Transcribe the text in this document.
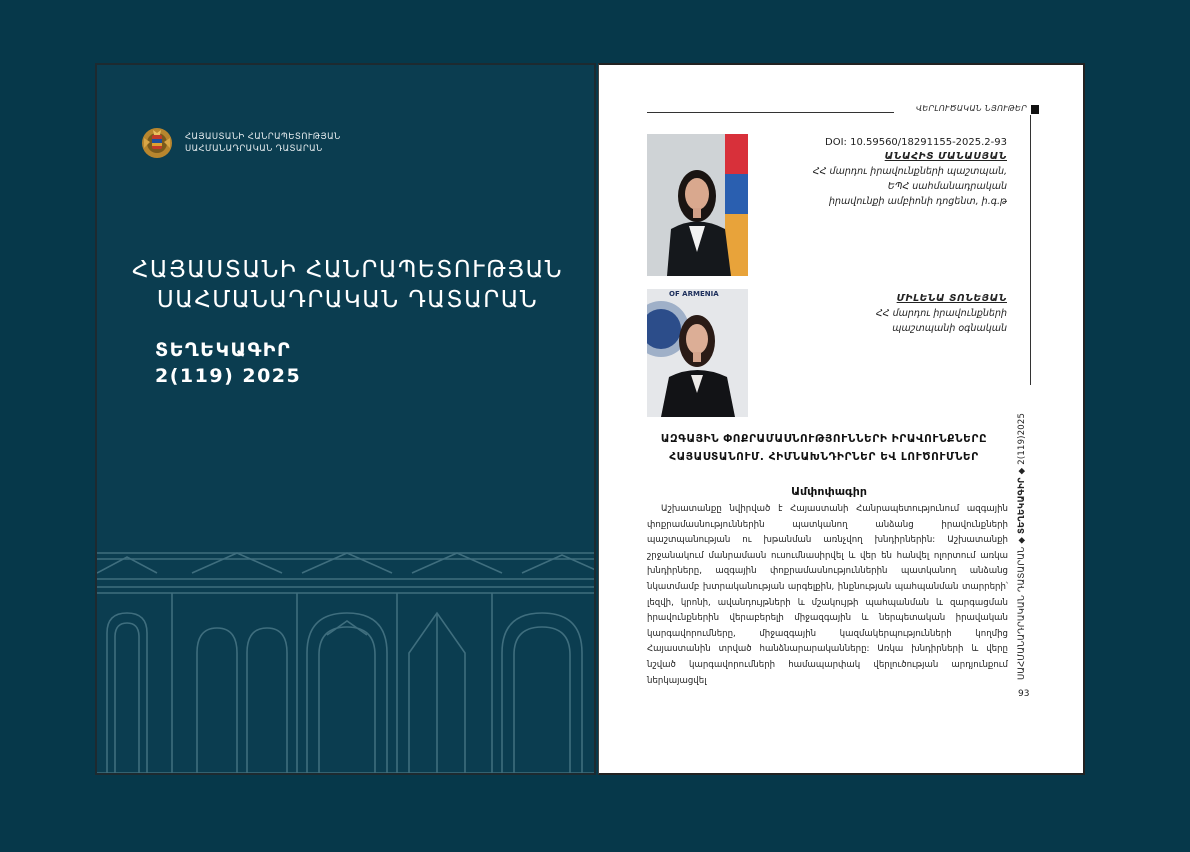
ՀԱՅԱՍՏԱՆԻ ՀԱՆՐԱՊԵՏՈՒԹՅԱՆ
ՍԱՀՄԱՆԱԴՐԱԿԱՆ ԴԱՏԱՐԱՆ
ՀԱՅԱՍՏԱՆԻ ՀԱՆՐԱՊԵՏՈՒԹՅԱՆ
ՍԱՀՄԱՆԱԴՐԱԿԱՆ ԴԱՏԱՐԱՆ
ՏԵՂԵԿԱԳԻՐ
2(119) 2025
ՎԵՐԼՈՒԾԱԿԱՆ ՆՅՈՒԹԵՐ
OF ARMENIA
DOI: 10.59560/18291155-2025.2-93
ԱՆԱՀԻՏ ՄԱՆԱՍՅԱՆ
ՀՀ մարդու իրավունքների պաշտպան,
ԵՊՀ սահմանադրական
իրավունքի ամբիոնի դոցենտ, ի.գ.թ
ՄԻԼԵՆԱ ՏՈՆԵՅԱՆ
ՀՀ մարդու իրավունքների
պաշտպանի օգնական
ԱԶԳԱՅԻՆ ՓՈՔՐԱՄԱՍՆՈՒԹՅՈՒՆՆԵՐԻ ԻՐԱՎՈՒՆՔՆԵՐԸ
ՀԱՅԱՍՏԱՆՈՒՄ. ՀԻՄՆԱԽՆԴԻՐՆԵՐ ԵՎ ԼՈՒԾՈՒՄՆԵՐ
Ամփոփագիր
Աշխատանքը նվիրված է Հայաստանի Հանրապետությունում ազգային փոքրամասնություններին պատկանող անձանց իրավունքների պաշտպանության ու խթանման առնչվող խնդիրներին: Աշխատանքի շրջանակում մանրամասն ուսումնասիրվել և վեր են հանվել ոլորտում առկա խնդիրները, ազգային փոքրամասնություններին պատկանող անձանց նկատմամբ խտրականության արգելքին, ինքնության պահպանման տարրերի՝ լեզվի, կրոնի, ավանդույթների և մշակույթի պահպանման և զարգացման իրավունքներին վերաբերելի միջազգային և ներպետական իրավական կարգավորումները, միջազգային կազմակերպությունների կողմից Հայաստանին տրված հանձնարարականները: Առկա խնդիրների և վերը նշված կարգավորումների համապարփակ վերլուծության արդյունքում ներկայացվել
ՍԱՀՄԱՆԱԴՐԱԿԱՆ ԴԱՏԱՐԱՆ ◆ ՏԵՂԵԿԱԳԻՐ ◆ 2(119)2025
93
